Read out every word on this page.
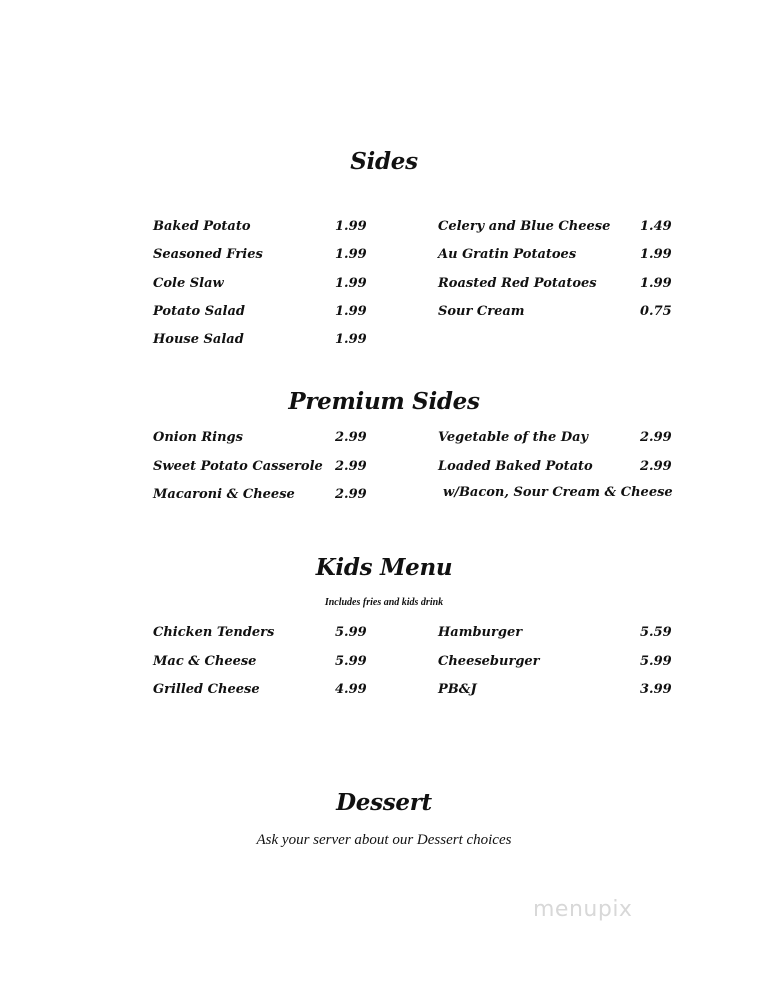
Sides
Baked Potato	1.99
Seasoned Fries	1.99
Cole Slaw	1.99
Potato Salad	1.99
House Salad	1.99
Celery and Blue Cheese 1.49
Au Gratin Potatoes	1.99
Roasted Red Potatoes	1.99
Sour Cream	0.75
Premium Sides
Onion Rings	2.99
Sweet Potato Casserole 2.99
Macaroni & Cheese	2.99
Vegetable of the Day	2.99
Loaded Baked Potato	2.99
w/Bacon, Sour Cream & Cheese
Kids Menu
Includes fries and kids drink
Chicken Tenders	5.99
Mac & Cheese	5.99
Grilled Cheese	4.99
Hamburger	5.59
Cheeseburger	5.99
PB&J	3.99
Dessert
Ask your server about our Dessert choices
menupix
